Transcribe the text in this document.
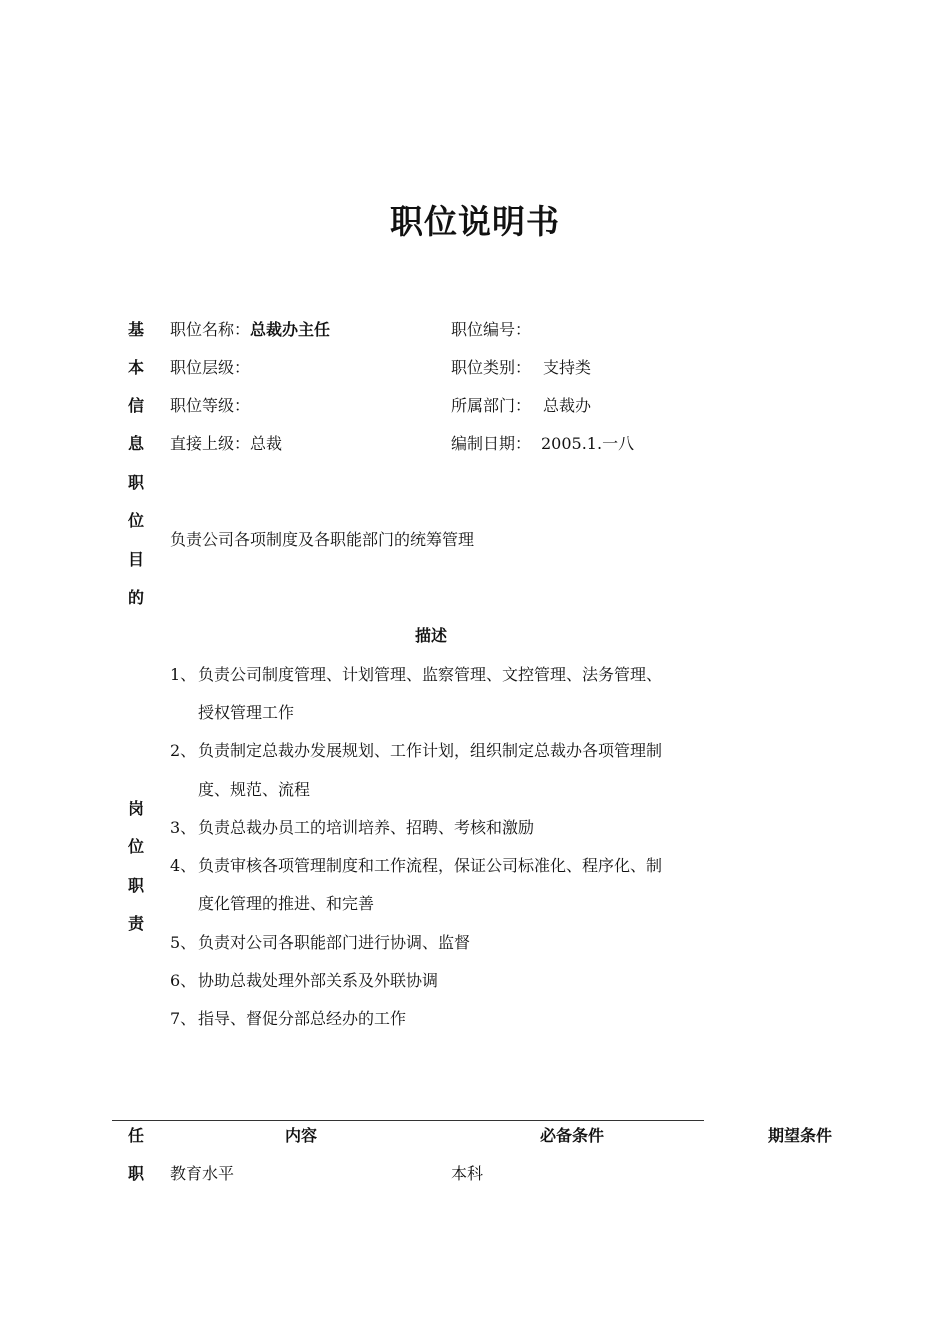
职位说明书
基
本
信
息
职位名称：总裁办主任	职位编号：
职位层级：	职位类别： 支持类
职位等级：	所属部门： 总裁办
直接上级：总裁	编制日期： 2005.1.一八
职
位
目
的
负责公司各项制度及各职能部门的统筹管理
描述
岗
位
职
责
1、 负责公司制度管理、计划管理、监察管理、文控管理、法务管理、
授权管理工作
2、 负责制定总裁办发展规划、工作计划，组织制定总裁办各项管理制
度、规范、流程
3、 负责总裁办员工的培训培养、招聘、考核和激励
4、 负责审核各项管理制度和工作流程，保证公司标准化、程序化、制
度化管理的推进、和完善
5、 负责对公司各职能部门进行协调、监督
6、 协助总裁处理外部关系及外联协调
7、 指导、督促分部总经办的工作
任
职
内容	必备条件	期望条件
教育水平	本科
